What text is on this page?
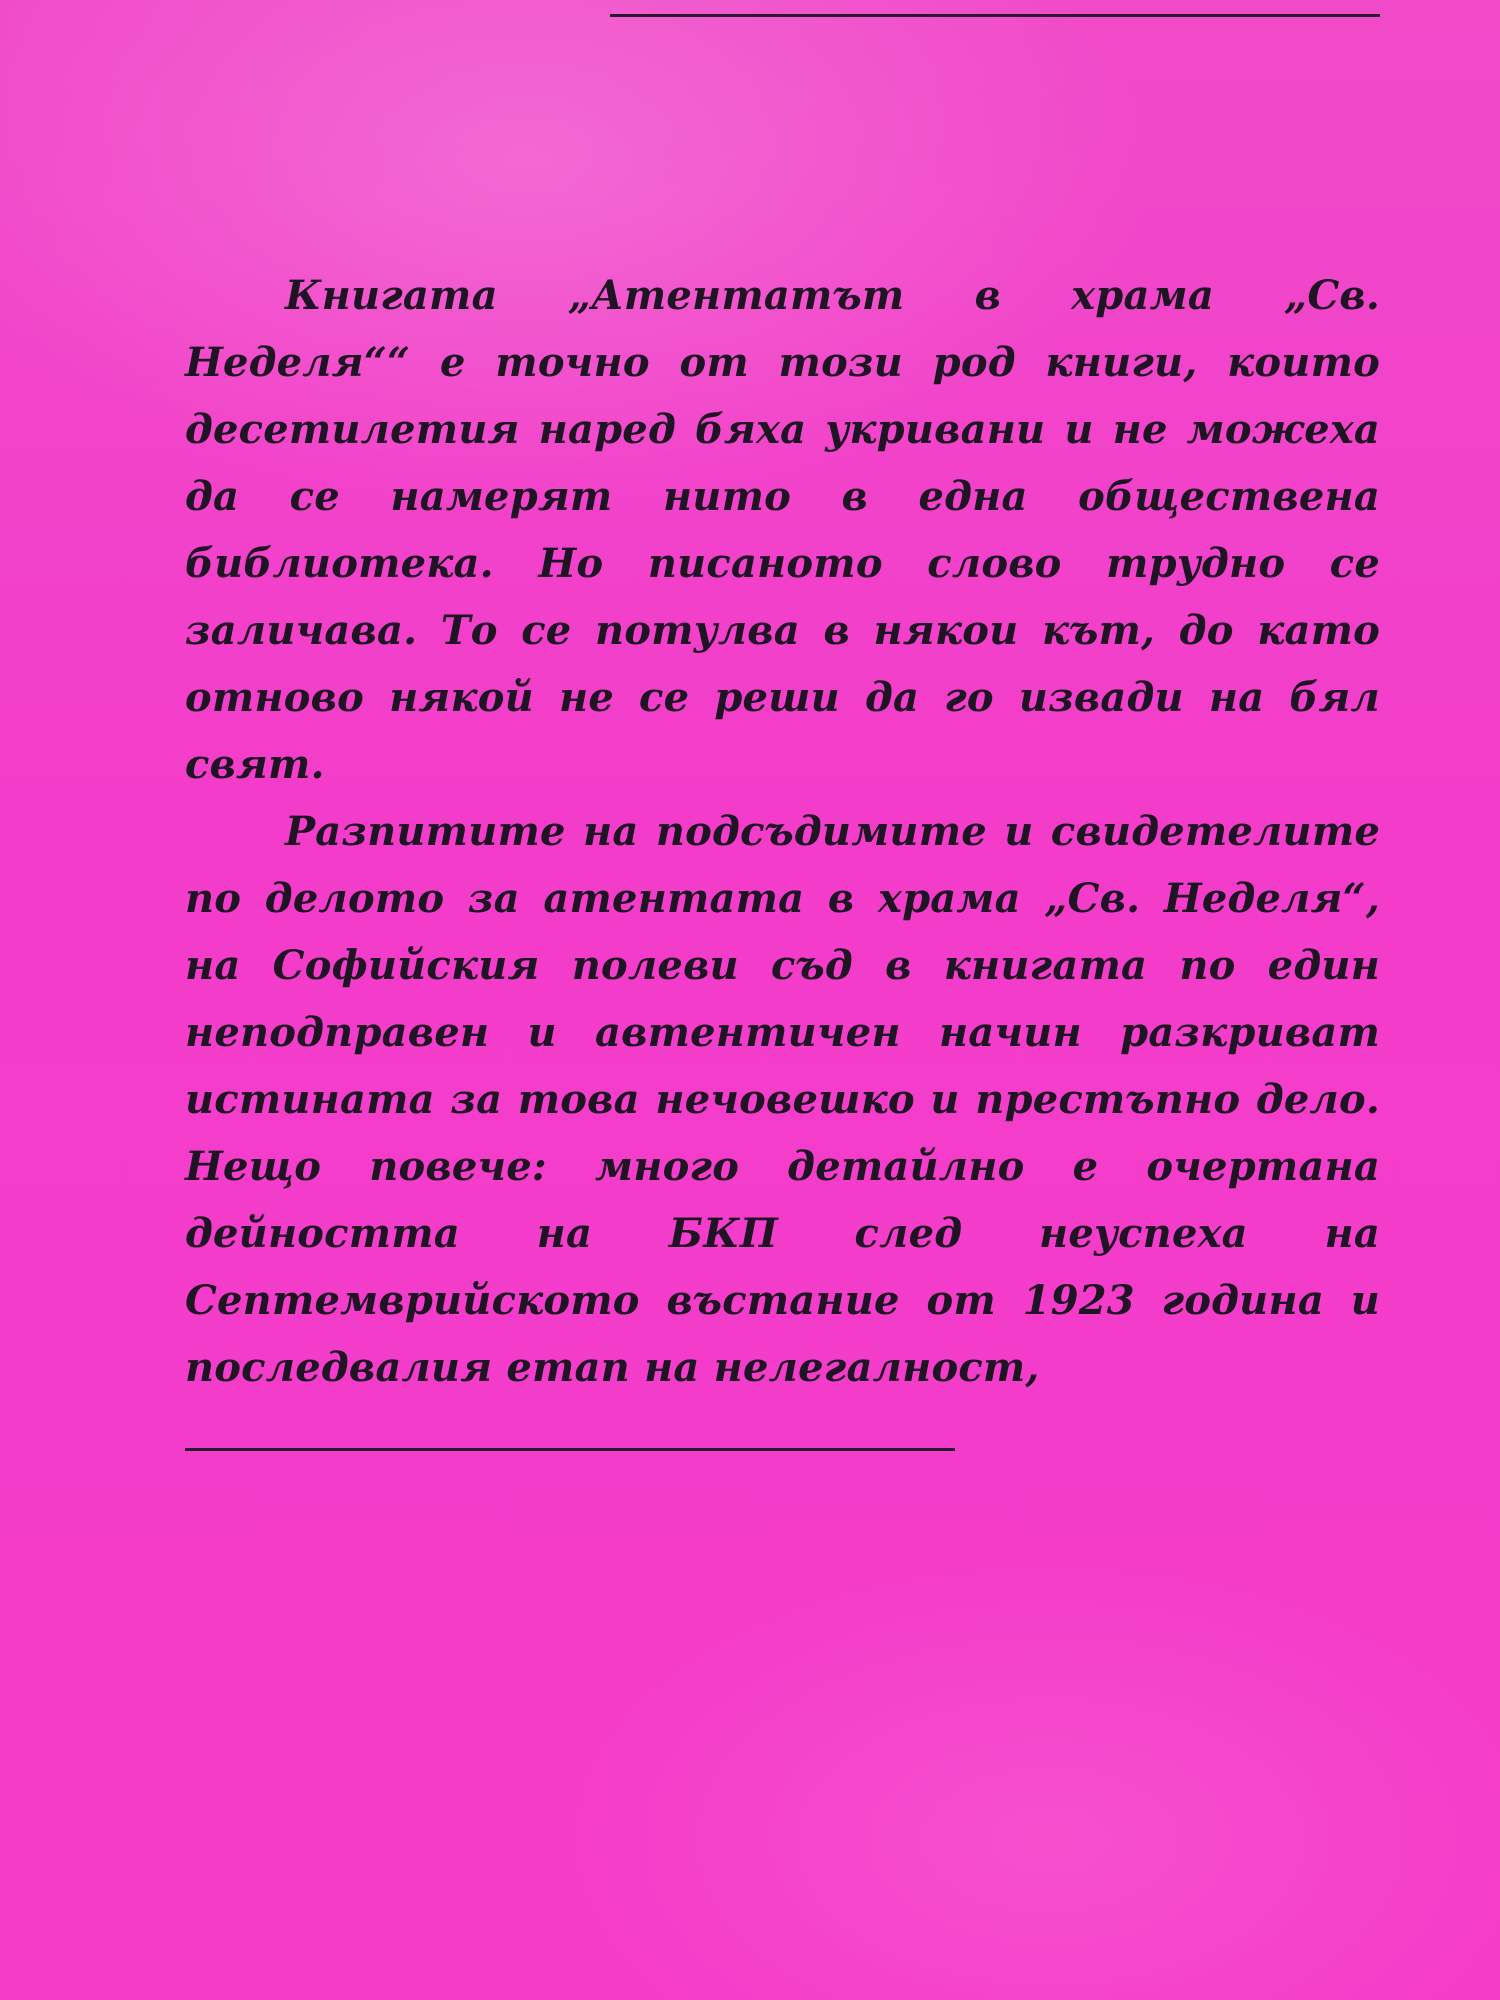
Книгата „Атентатът в храма „Св. Неделя““ е точно от този род книги, които десетилетия наред бяха укривани и не можеха да се намерят нито в една обществена библиотека. Но писаното слово трудно се заличава. То се потулва в някои кът, до като отново някой не се реши да го извади на бял свят.

Разпитите на подсъдимите и свидетелите по делото за атентата в храма „Св. Неделя“, на Софийския полеви съд в книгата по един неподправен и автентичен начин разкриват истината за това нечовешко и престъпно дело. Нещо повече: много детайлно е очертана дейността на БКП след неуспеха на Септемврийското въстание от 1923 година и последвалия етап на нелегалност,
